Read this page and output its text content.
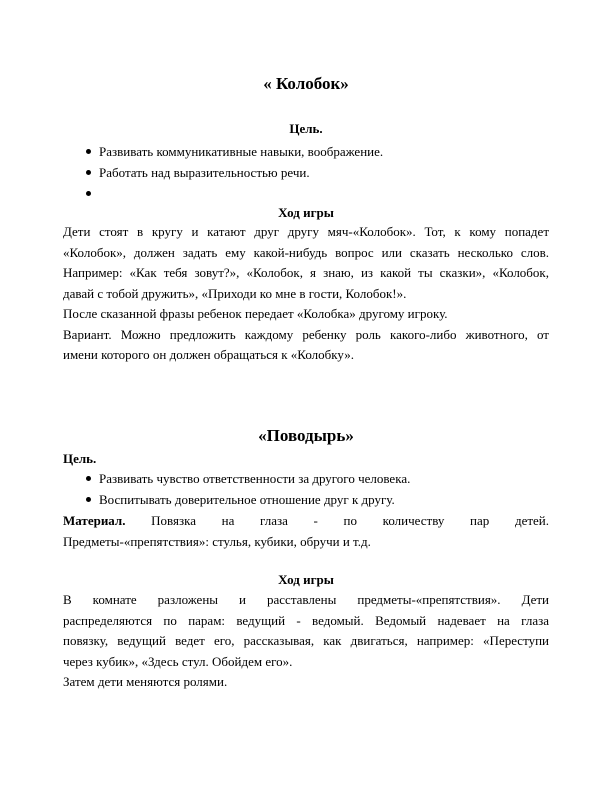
« Колобок»
Цель.
Развивать коммуникативные навыки, воображение.
Работать над выразительностью речи.
Ход игры
Дети стоят в кругу и катают друг другу мяч-«Колобок». Тот, к кому попадет
«Колобок», должен задать ему какой-нибудь вопрос или сказать несколько слов.
Например: «Как тебя зовут?», «Колобок, я знаю, из какой ты сказки», «Колобок,
давай с тобой дружить», «Приходи ко мне в гости, Колобок!».
После сказанной фразы ребенок передает «Колобка» другому игроку.
Вариант. Можно предложить каждому ребенку роль какого-либо животного, от
имени которого он должен обращаться к «Колобку».
«Поводырь»
Цель.
Развивать чувство ответственности за другого человека.
Воспитывать доверительное отношение друг к другу.
Материал. Повязка на глаза - по количеству пар детей.
Предметы-«препятствия»: стулья, кубики, обручи и т.д.
Ход игры
В комнате разложены и расставлены предметы-«препятствия». Дети
распределяются по парам: ведущий - ведомый. Ведомый надевает на глаза
повязку, ведущий ведет его, рассказывая, как двигаться, например: «Переступи
через кубик», «Здесь стул. Обойдем его».
Затем дети меняются ролями.
